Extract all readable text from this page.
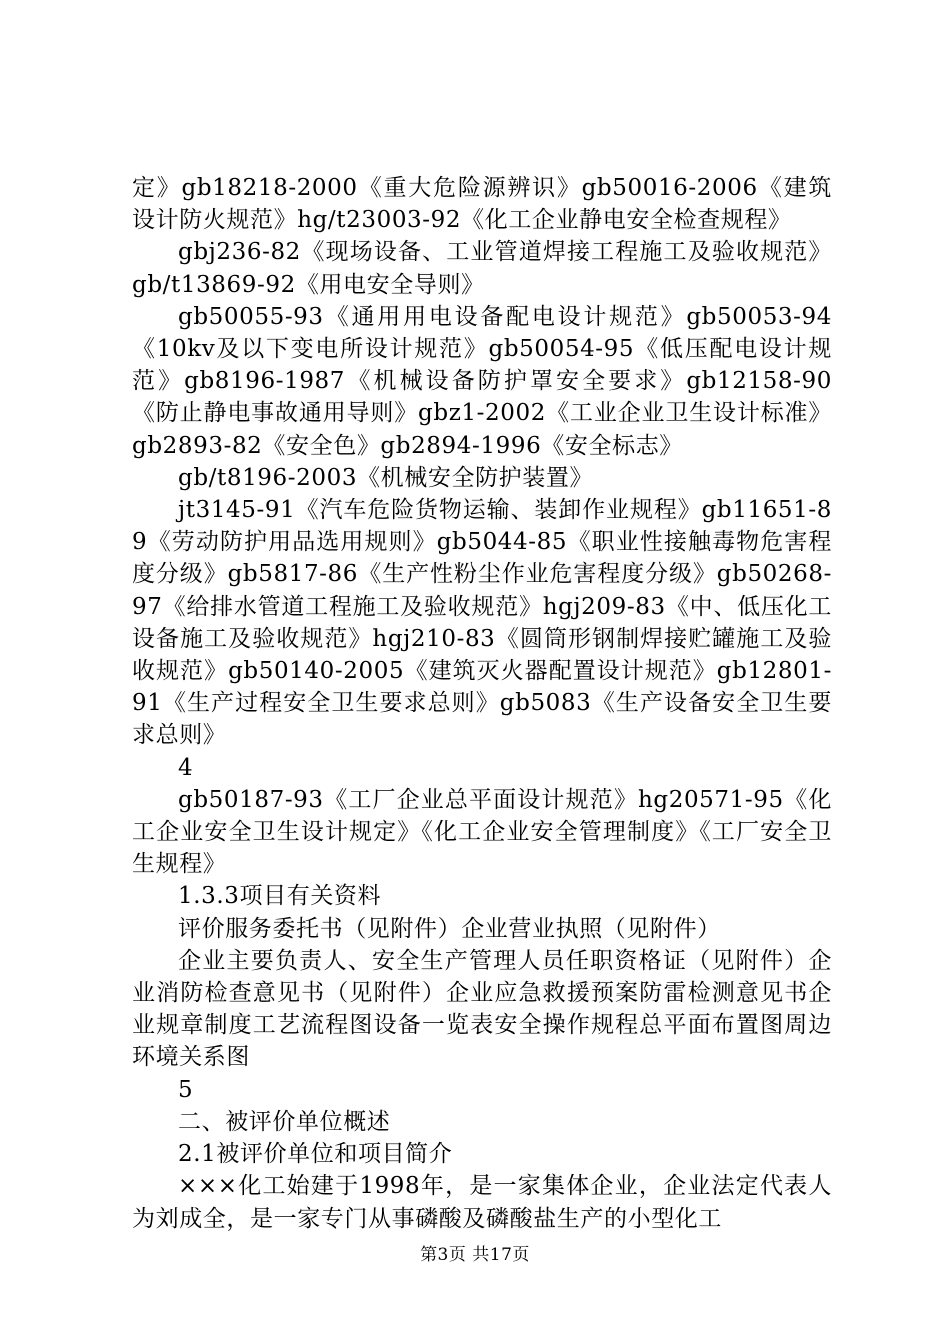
定》gb18218-2000《重大危险源辨识》gb50016-2006《建筑设计防火规范》hg/t23003-92《化工企业静电安全检查规程》

gbj236-82《现场设备、工业管道焊接工程施工及验收规范》gb/t13869-92《用电安全导则》

gb50055-93《通用用电设备配电设计规范》gb50053-94《10kv及以下变电所设计规范》gb50054-95《低压配电设计规范》gb8196-1987《机械设备防护罩安全要求》gb12158-90《防止静电事故通用导则》gbz1-2002《工业企业卫生设计标准》gb2893-82《安全色》gb2894-1996《安全标志》

gb/t8196-2003《机械安全防护装置》

jt3145-91《汽车危险货物运输、装卸作业规程》gb11651-89《劳动防护用品选用规则》gb5044-85《职业性接触毒物危害程度分级》gb5817-86《生产性粉尘作业危害程度分级》gb50268-97《给排水管道工程施工及验收规范》hgj209-83《中、低压化工设备施工及验收规范》hgj210-83《圆筒形钢制焊接贮罐施工及验收规范》gb50140-2005《建筑灭火器配置设计规范》gb12801-91《生产过程安全卫生要求总则》gb5083《生产设备安全卫生要求总则》

4

gb50187-93《工厂企业总平面设计规范》hg20571-95《化工企业安全卫生设计规定》《化工企业安全管理制度》《工厂安全卫生规程》

1.3.3项目有关资料

评价服务委托书（见附件）企业营业执照（见附件）

企业主要负责人、安全生产管理人员任职资格证（见附件）企业消防检查意见书（见附件）企业应急救援预案防雷检测意见书企业规章制度工艺流程图设备一览表安全操作规程总平面布置图周边环境关系图

5

二、被评价单位概述

2.1被评价单位和项目简介

×××化工始建于1998年，是一家集体企业，企业法定代表人为刘成全，是一家专门从事磷酸及磷酸盐生产的小型化工

第3页 共17页
